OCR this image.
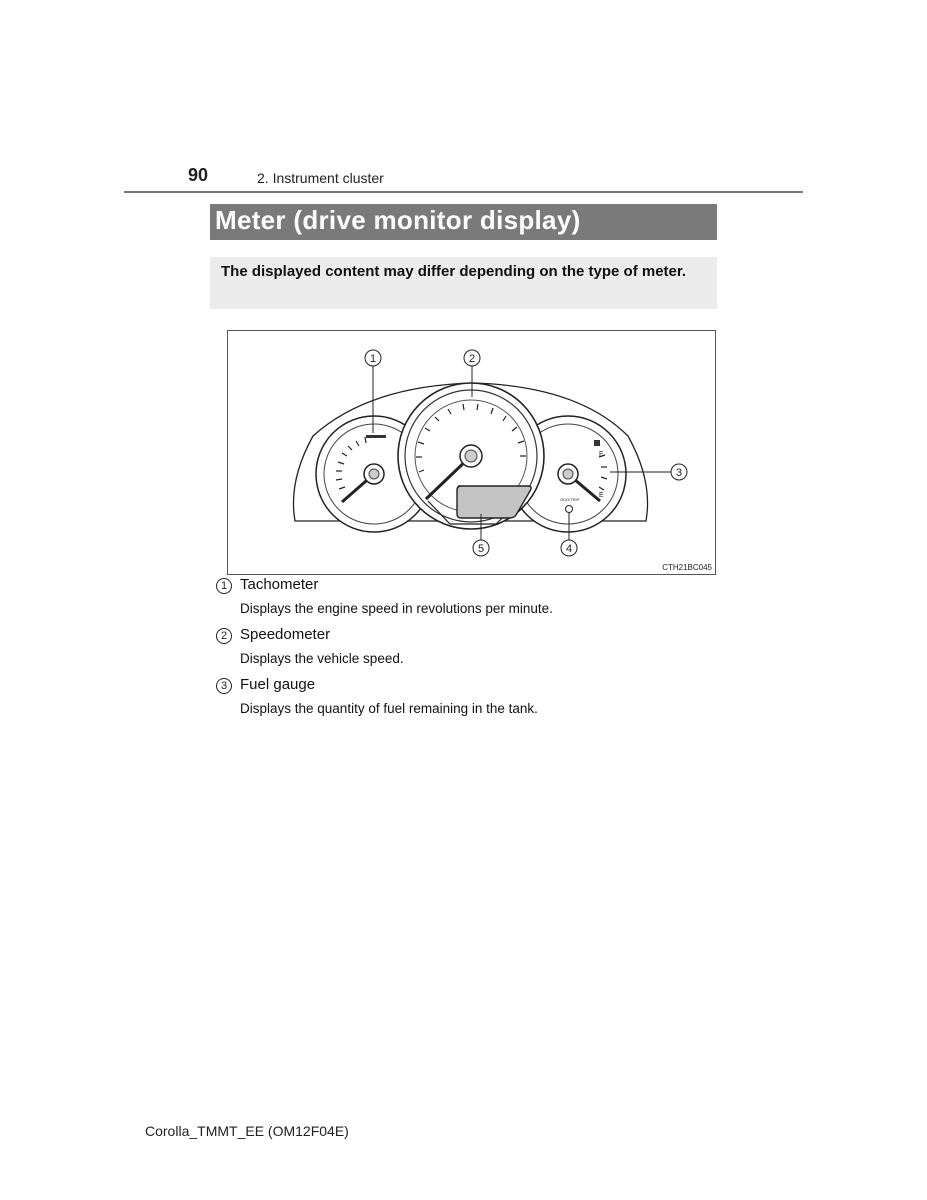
90	2. Instrument cluster
Meter (drive monitor display)
The displayed content may differ depending on the type of meter.
F
E
ODO/TRIP
1	2
3
4
5
CTH21BC045
1 Tachometer
Displays the engine speed in revolutions per minute.
2 Speedometer
Displays the vehicle speed.
3 Fuel gauge
Displays the quantity of fuel remaining in the tank.
Corolla_TMMT_EE (OM12F04E)
